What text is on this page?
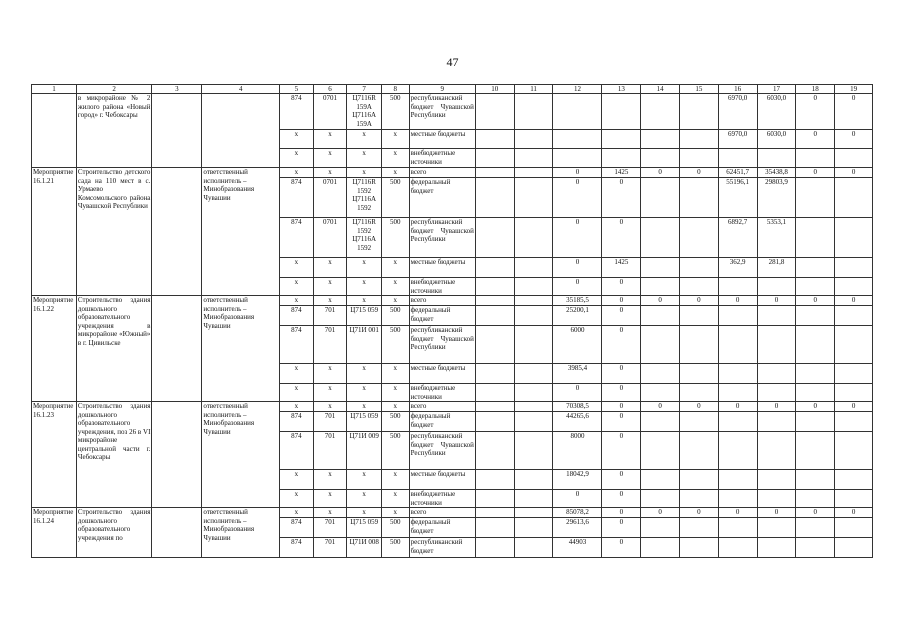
47
1	2	3	4	5	6	7	8	9	10	11	12	13	14	15	16	17	18	19
	в микрорайоне № 2 жилого района «Новый город» г. Чебоксары			874	0701	Ц7116R 159A Ц7116A 159A	500	республиканский бюджет Чувашской Республики							6970,0	6030,0	0	0
				x	x	x	x	местные бюджеты							6970,0	6030,0	0	0
				x	x	x	x	внебюджетные источники										
Мероприятие 16.1.21	Строительство детского сада на 110 мест в с. Урмаево Комсомольского района Чувашской Республики		ответственный исполнитель – Минобразования Чувашии	x	x	x	x	всего			0	1425	0	0	62451,7	35438,8	0	0
				874	0701	Ц7116R 1592 Ц7116A 1592	500	федеральный бюджет			0	0			55196,1	29803,9		
				874	0701	Ц7116R 1592 Ц7116A 1592	500	республиканский бюджет Чувашской Республики			0	0			6892,7	5353,1		
				x	x	x	x	местные бюджеты			0	1425			362,9	281,8		
				x	x	x	x	внебюджетные источники			0	0						
Мероприятие 16.1.22	Строительство здания дошкольного образовательного учреждения в микрорайоне «Южный» в г. Цивильске		ответственный исполнитель – Минобразования Чувашии	x	x	x	x	всего			35185,5	0	0	0	0	0	0	0
				874	701	Ц715 059	500	федеральный бюджет			25200,1	0						
				874	701	Ц71И 001	500	республиканский бюджет Чувашской Республики			6000	0						
				x	x	x	x	местные бюджеты			3985,4	0						
				x	x	x	x	внебюджетные источники			0	0						
Мероприятие 16.1.23	Строительство здания дошкольного образовательного учреждения, поз 26 в VI микрорайоне центральной части г. Чебоксары		ответственный исполнитель – Минобразования Чувашии	x	x	x	x	всего			70308,5	0	0	0	0	0	0	0
				874	701	Ц715 059	500	федеральный бюджет			44265,6	0						
				874	701	Ц71И 009	500	республиканский бюджет Чувашской Республики			8000	0						
				x	x	x	x	местные бюджеты			18042,9	0						
				x	x	x	x	внебюджетные источники			0	0						
Мероприятие 16.1.24	Строительство здания дошкольного образовательного учреждения по		ответственный исполнитель – Минобразования Чувашии	x	x	x	x	всего			85078,2	0	0	0	0	0	0	0
				874	701	Ц715 059	500	федеральный бюджет			29613,6	0						
				874	701	Ц71И 008	500	республиканский бюджет			44903	0						
